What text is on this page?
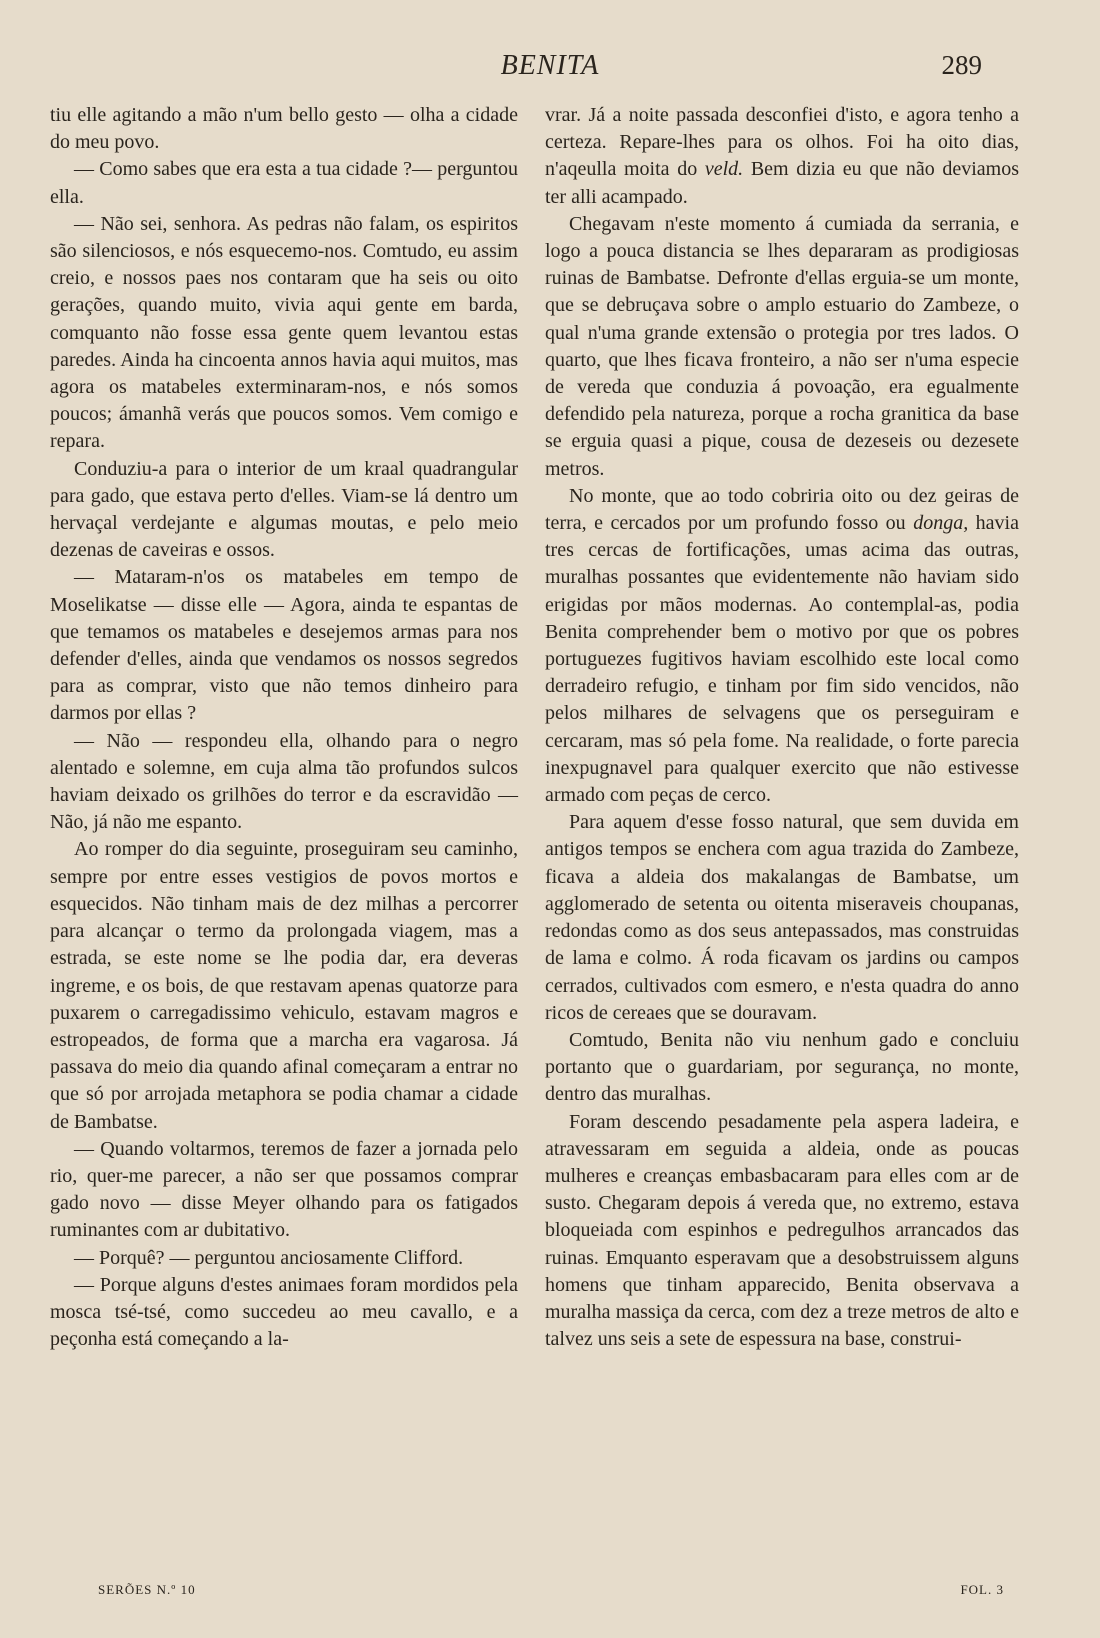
BENITA	289

tiu elle agitando a mão n'um bello gesto — olha a cidade do meu povo.

— Como sabes que era esta a tua cidade ?— perguntou ella.

— Não sei, senhora. As pedras não falam, os espiritos são silenciosos, e nós esquecemo-nos. Comtudo, eu assim creio, e nossos paes nos contaram que ha seis ou oito gerações, quando muito, vivia aqui gente em barda, comquanto não fosse essa gente quem levantou estas paredes. Ainda ha cincoenta annos havia aqui muitos, mas agora os matabeles exterminaram-nos, e nós somos poucos; ámanhã verás que poucos somos. Vem comigo e repara.

Conduziu-a para o interior de um kraal quadrangular para gado, que estava perto d'elles. Viam-se lá dentro um hervaçal verdejante e algumas moutas, e pelo meio dezenas de caveiras e ossos.

— Mataram-n'os os matabeles em tempo de Moselikatse — disse elle — Agora, ainda te espantas de que temamos os matabeles e desejemos armas para nos defender d'elles, ainda que vendamos os nossos segredos para as comprar, visto que não temos dinheiro para darmos por ellas ?

— Não — respondeu ella, olhando para o negro alentado e solemne, em cuja alma tão profundos sulcos haviam deixado os grilhões do terror e da escravidão — Não, já não me espanto.

Ao romper do dia seguinte, proseguiram seu caminho, sempre por entre esses vestigios de povos mortos e esquecidos. Não tinham mais de dez milhas a percorrer para alcançar o termo da prolongada viagem, mas a estrada, se este nome se lhe podia dar, era deveras ingreme, e os bois, de que restavam apenas quatorze para puxarem o carregadissimo vehiculo, estavam magros e estropeados, de forma que a marcha era vagarosa. Já passava do meio dia quando afinal começaram a entrar no que só por arrojada metaphora se podia chamar a cidade de Bambatse.

— Quando voltarmos, teremos de fazer a jornada pelo rio, quer-me parecer, a não ser que possamos comprar gado novo — disse Meyer olhando para os fatigados ruminantes com ar dubitativo.

— Porquê? — perguntou anciosamente Clifford.

— Porque alguns d'estes animaes foram mordidos pela mosca tsé-tsé, como succedeu ao meu cavallo, e a peçonha está começando a la-

vrar. Já a noite passada desconfiei d'isto, e agora tenho a certeza. Repare-lhes para os olhos. Foi ha oito dias, n'aqeulla moita do veld. Bem dizia eu que não deviamos ter alli acampado.

Chegavam n'este momento á cumiada da serrania, e logo a pouca distancia se lhes depararam as prodigiosas ruinas de Bambatse. Defronte d'ellas erguia-se um monte, que se debruçava sobre o amplo estuario do Zambeze, o qual n'uma grande extensão o protegia por tres lados. O quarto, que lhes ficava fronteiro, a não ser n'uma especie de vereda que conduzia á povoação, era egualmente defendido pela natureza, porque a rocha granitica da base se erguia quasi a pique, cousa de dezeseis ou dezesete metros.

No monte, que ao todo cobriria oito ou dez geiras de terra, e cercados por um profundo fosso ou donga, havia tres cercas de fortificações, umas acima das outras, muralhas possantes que evidentemente não haviam sido erigidas por mãos modernas. Ao contemplal-as, podia Benita comprehender bem o motivo por que os pobres portuguezes fugitivos haviam escolhido este local como derradeiro refugio, e tinham por fim sido vencidos, não pelos milhares de selvagens que os perseguiram e cercaram, mas só pela fome. Na realidade, o forte parecia inexpugnavel para qualquer exercito que não estivesse armado com peças de cerco.

Para aquem d'esse fosso natural, que sem duvida em antigos tempos se enchera com agua trazida do Zambeze, ficava a aldeia dos makalangas de Bambatse, um agglomerado de setenta ou oitenta miseraveis choupanas, redondas como as dos seus antepassados, mas construidas de lama e colmo. Á roda ficavam os jardins ou campos cerrados, cultivados com esmero, e n'esta quadra do anno ricos de cereaes que se douravam.

Comtudo, Benita não viu nenhum gado e concluiu portanto que o guardariam, por segurança, no monte, dentro das muralhas.

Foram descendo pesadamente pela aspera ladeira, e atravessaram em seguida a aldeia, onde as poucas mulheres e creanças embasbacaram para elles com ar de susto. Chegaram depois á vereda que, no extremo, estava bloqueiada com espinhos e pedregulhos arrancados das ruinas. Emquanto esperavam que a desobstruissem alguns homens que tinham apparecido, Benita observava a muralha massiça da cerca, com dez a treze metros de alto e talvez uns seis a sete de espessura na base, construi-

SERÕES N.º 10	FOL. 3
